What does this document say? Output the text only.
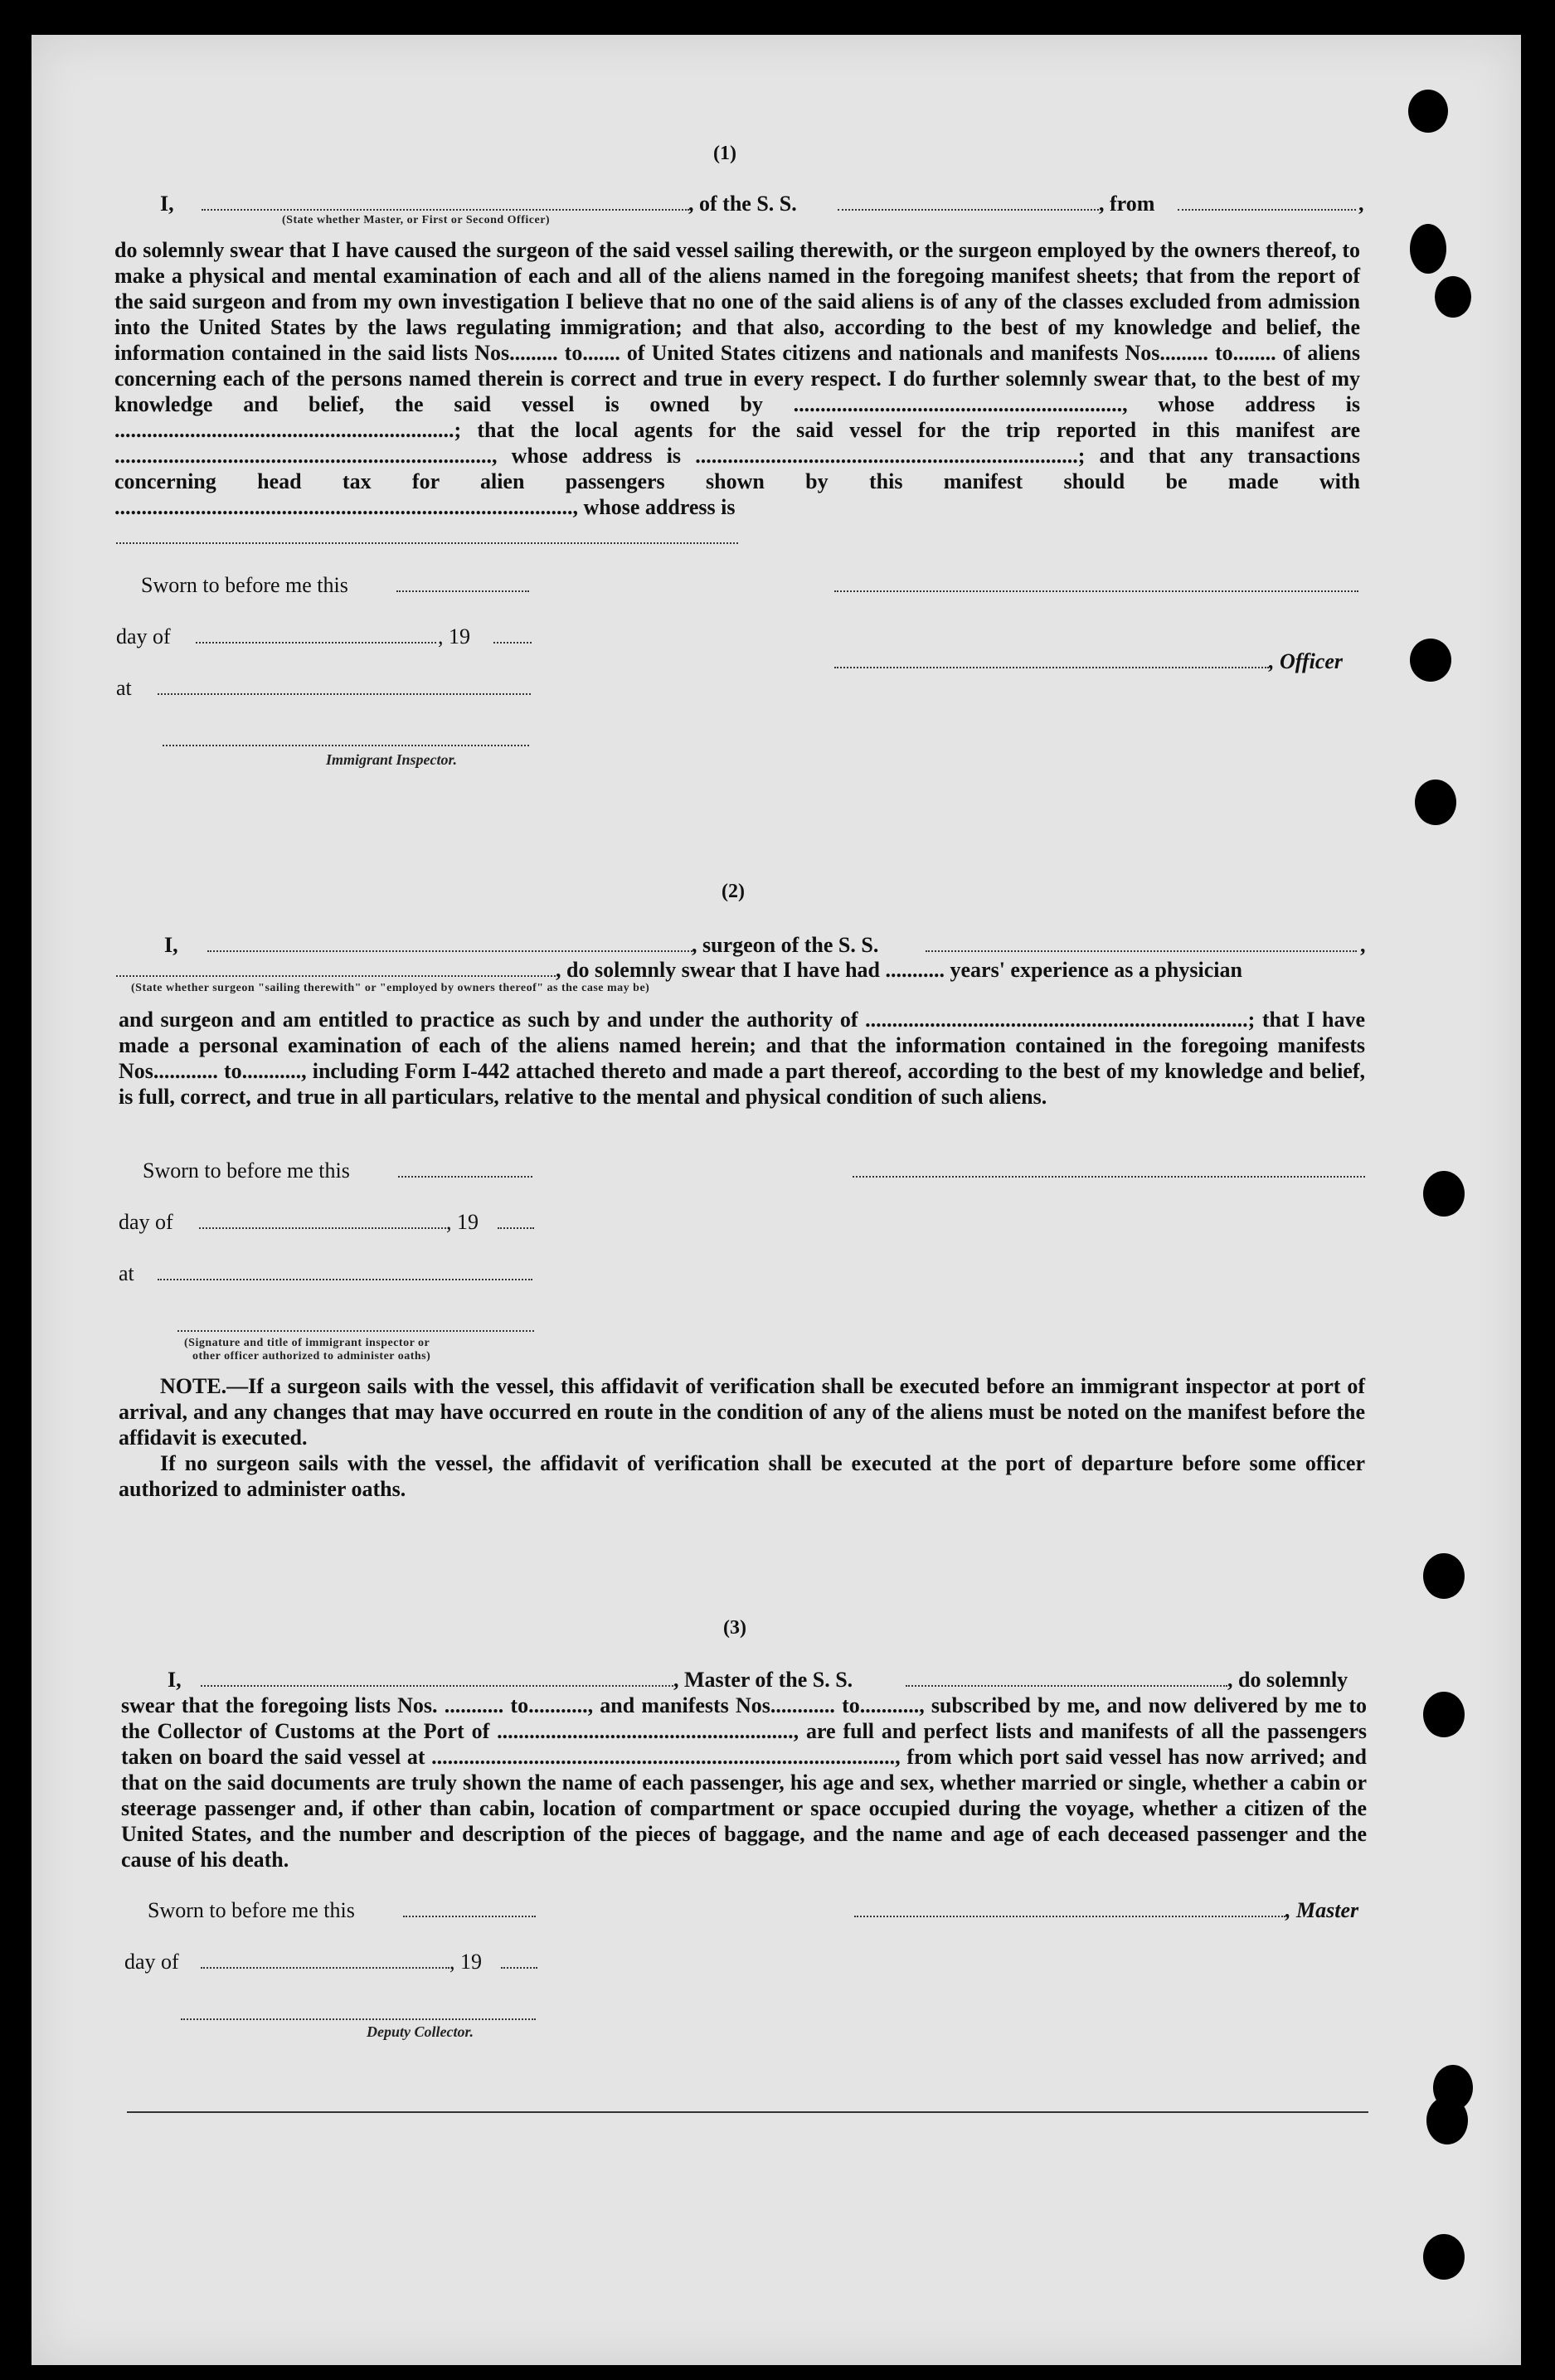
(1)
I,	, of the S. S.	, from	,
(State whether Master, or First or Second Officer)

do solemnly swear that I have caused the surgeon of the said vessel sailing therewith, or the surgeon employed by the owners thereof, to make a physical and mental examination of each and all of the aliens named in the foregoing manifest sheets; that from the report of the said surgeon and from my own investigation I believe that no one of the said aliens is of any of the classes excluded from admission into the United States by the laws regulating immigration; and that also, according to the best of my knowledge and belief, the information contained in the said lists Nos......... to....... of United States citizens and nationals and manifests Nos......... to........ of aliens concerning each of the persons named therein is correct and true in every respect. I do further solemnly swear that, to the best of my knowledge and belief, the said vessel is owned by ............................................................., whose address is ...............................................................; that the local agents for the said vessel for the trip reported in this manifest are ......................................................................, whose address is .......................................................................; and that any transactions concerning head tax for alien passengers shown by this manifest should be made with ....................................................................................., whose address is

Sworn to before me this
day of	, 19
, Officer
at
Immigrant Inspector.
(2)
I,	, surgeon of the S. S.	,
, do solemnly swear that I have had ........... years' experience as a physician
(State whether surgeon "sailing therewith" or "employed by owners thereof" as the case may be)

and surgeon and am entitled to practice as such by and under the authority of .......................................................................; that I have made a personal examination of each of the aliens named herein; and that the information contained in the foregoing manifests Nos............ to..........., including Form I-442 attached thereto and made a part thereof, according to the best of my knowledge and belief, is full, correct, and true in all particulars, relative to the mental and physical condition of such aliens.

Sworn to before me this
day of	, 19
at
(Signature and title of immigrant inspector or
other officer authorized to administer oaths)

NOTE.—If a surgeon sails with the vessel, this affidavit of verification shall be executed before an immigrant inspector at port of arrival, and any changes that may have occurred en route in the condition of any of the aliens must be noted on the manifest before the affidavit is executed.

If no surgeon sails with the vessel, the affidavit of verification shall be executed at the port of departure before some officer authorized to administer oaths.

(3)
I,	, Master of the S. S.	, do solemnly

swear that the foregoing lists Nos. ........... to..........., and manifests Nos............ to..........., subscribed by me, and now delivered by me to the Collector of Customs at the Port of ......................................................., are full and perfect lists and manifests of all the passengers taken on board the said vessel at ......................................................................................, from which port said vessel has now arrived; and that on the said documents are truly shown the name of each passenger, his age and sex, whether married or single, whether a cabin or steerage passenger and, if other than cabin, location of compartment or space occupied during the voyage, whether a citizen of the United States, and the number and description of the pieces of baggage, and the name and age of each deceased passenger and the cause of his death.

Sworn to before me this	, Master
day of	, 19
Deputy Collector.
